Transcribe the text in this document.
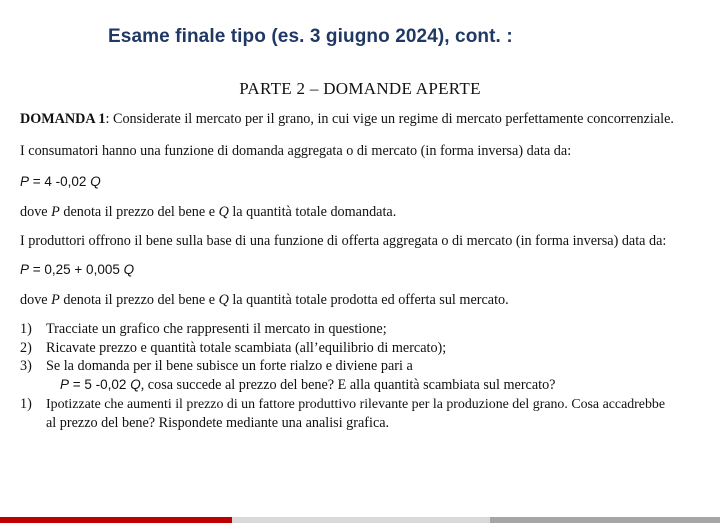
Esame finale tipo (es. 3 giugno 2024), cont. :
PARTE 2 – DOMANDE APERTE
DOMANDA 1: Considerate il mercato per il grano, in cui vige un regime di mercato perfettamente concorrenziale.
I consumatori hanno una funzione di domanda aggregata o di mercato (in forma inversa) data da:
P = 4 -0,02 Q
dove P denota il prezzo del bene e Q la quantità totale domandata.
I produttori offrono il bene sulla base di una funzione di offerta aggregata o di mercato (in forma inversa) data da:
P = 0,25 + 0,005 Q
dove P denota il prezzo del bene e Q la quantità totale prodotta ed offerta sul mercato.
1) Tracciate un grafico che rappresenti il mercato in questione;
2) Ricavate prezzo e quantità totale scambiata (all’equilibrio di mercato);
3) Se la domanda per il bene subisce un forte rialzo e diviene pari a
P = 5 -0,02 Q, cosa succede al prezzo del bene? E alla quantità scambiata sul mercato?
1) Ipotizzate che aumenti il prezzo di un fattore produttivo rilevante per la produzione del grano. Cosa accadrebbe
al prezzo del bene? Rispondete mediante una analisi grafica.
